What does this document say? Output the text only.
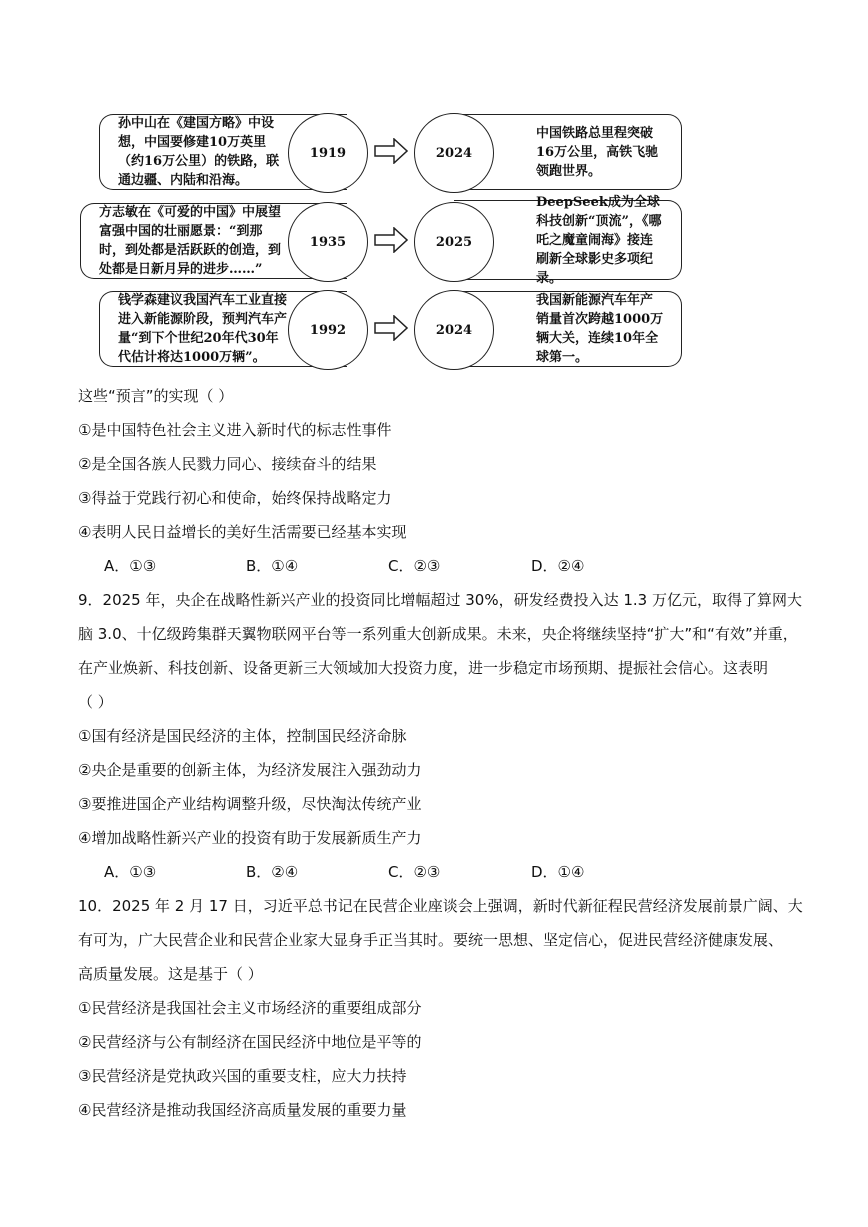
孙中山在《建国方略》中设想，中国要修建10万英里（约16万公里）的铁路，联通边疆、内陆和沿海。
1919
中国铁路总里程突破16万公里，高铁飞驰领跑世界。
2024
方志敏在《可爱的中国》中展望富强中国的壮丽愿景：“到那时，到处都是活跃跃的创造，到处都是日新月异的进步……”
1935
DeepSeek成为全球科技创新“顶流”，《哪吒之魔童闹海》接连刷新全球影史多项纪录。
2025
钱学森建议我国汽车工业直接进入新能源阶段，预判汽车产量“到下个世纪20年代30年代估计将达1000万辆”。
1992
我国新能源汽车年产销量首次跨越1000万辆大关，连续10年全球第一。
2024
这些“预言”的实现（ ）
①是中国特色社会主义进入新时代的标志性事件
②是全国各族人民戮力同心、接续奋斗的结果
③得益于党践行初心和使命，始终保持战略定力
④表明人民日益增长的美好生活需要已经基本实现
A．①③	B．①④	C．②③	D．②④
9．2025 年，央企在战略性新兴产业的投资同比增幅超过 30%，研发经费投入达 1.3 万亿元，取得了算网大
脑 3.0、十亿级跨集群天翼物联网平台等一系列重大创新成果。未来，央企将继续坚持“扩大”和“有效”并重，
在产业焕新、科技创新、设备更新三大领域加大投资力度，进一步稳定市场预期、提振社会信心。这表明
（ ）
①国有经济是国民经济的主体，控制国民经济命脉
②央企是重要的创新主体，为经济发展注入强劲动力
③要推进国企产业结构调整升级，尽快淘汰传统产业
④增加战略性新兴产业的投资有助于发展新质生产力
A．①③	B．②④	C．②③	D．①④
10．2025 年 2 月 17 日，习近平总书记在民营企业座谈会上强调，新时代新征程民营经济发展前景广阔、大
有可为，广大民营企业和民营企业家大显身手正当其时。要统一思想、坚定信心，促进民营经济健康发展、
高质量发展。这是基于（ ）
①民营经济是我国社会主义市场经济的重要组成部分
②民营经济与公有制经济在国民经济中地位是平等的
③民营经济是党执政兴国的重要支柱，应大力扶持
④民营经济是推动我国经济高质量发展的重要力量
